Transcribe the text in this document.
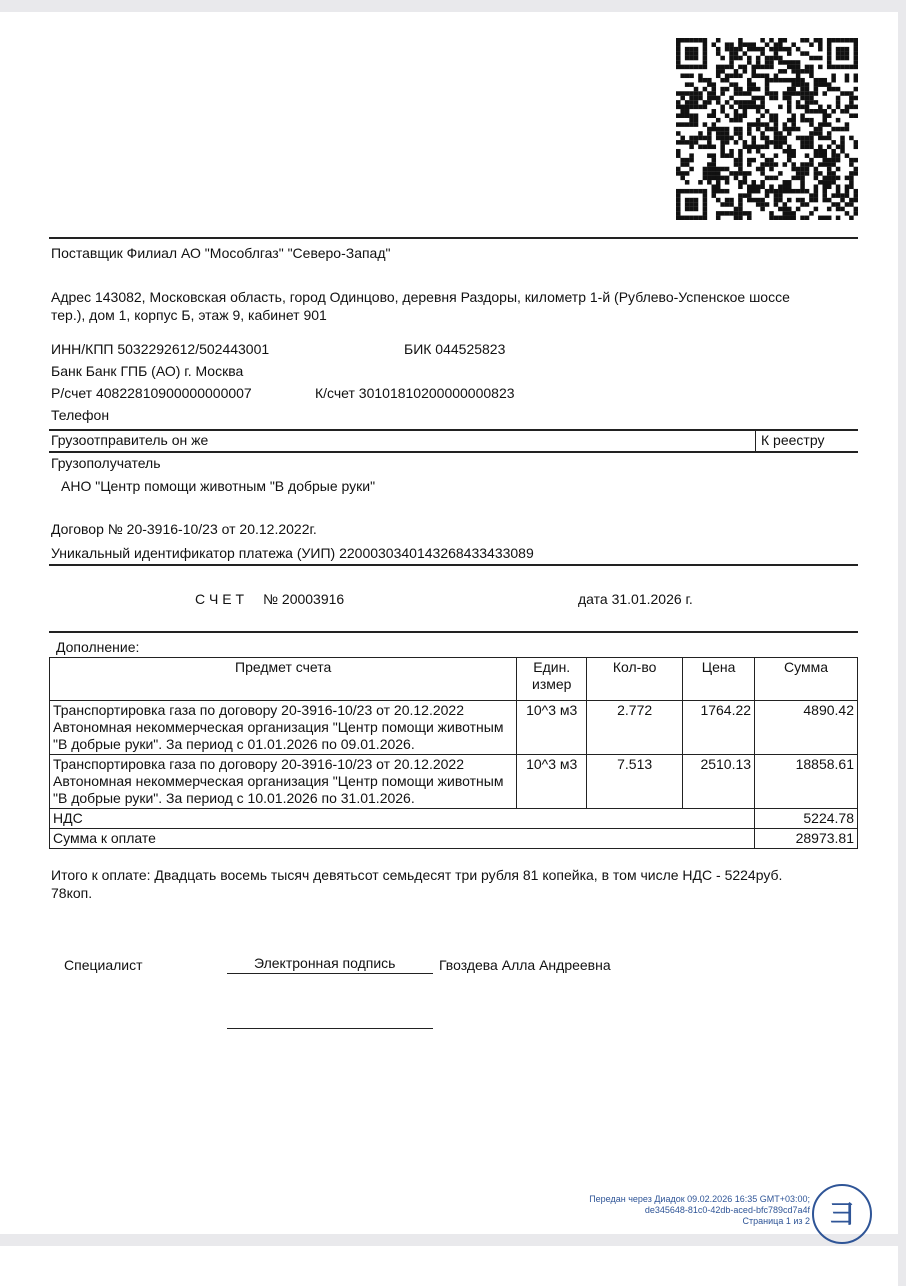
Поставщик Филиал АО "Мособлгаз" "Северо-Запад"
Адрес 143082, Московская область, город Одинцово, деревня Раздоры, километр 1-й (Рублево-Успенское шоссе
тер.), дом 1, корпус Б, этаж 9, кабинет 901
ИНН/КПП 5032292612/502443001	БИК 044525823
Банк Банк ГПБ (АО) г. Москва
Р/счет 40822810900000000007	К/счет 30101810200000000823
Телефон
Грузоотправитель он же	К реестру
Грузополучатель
АНО "Центр помощи животным "В добрые руки"
Договор № 20-3916-10/23 от 20.12.2022г.
Уникальный идентификатор платежа (УИП) 2200030340143268433433089
С Ч Е Т № 20003916	дата 31.01.2026 г.
Дополнение:
Предмет счета	Един. измер	Кол-во	Цена	Сумма
Транспортировка газа по договору 20-3916-10/23 от 20.12.2022 Автономная некоммерческая организация "Центр помощи животным "В добрые руки". За период с 01.01.2026 по 09.01.2026.	10^3 м3	2.772	1764.22	4890.42
Транспортировка газа по договору 20-3916-10/23 от 20.12.2022 Автономная некоммерческая организация "Центр помощи животным "В добрые руки". За период с 10.01.2026 по 31.01.2026.	10^3 м3	7.513	2510.13	18858.61
НДС				5224.78
Сумма к оплате				28973.81
Итого к оплате: Двадцать восемь тысяч девятьсот семьдесят три рубля 81 копейка, в том числе НДС - 5224руб.
78коп.
Специалист	Электронная подпись	Гвоздева Алла Андреевна
Передан через Диадок 09.02.2026 16:35 GMT+03:00;
de345648-81c0-42db-aced-bfc789cd7a4f
Страница 1 из 2 ⺕
